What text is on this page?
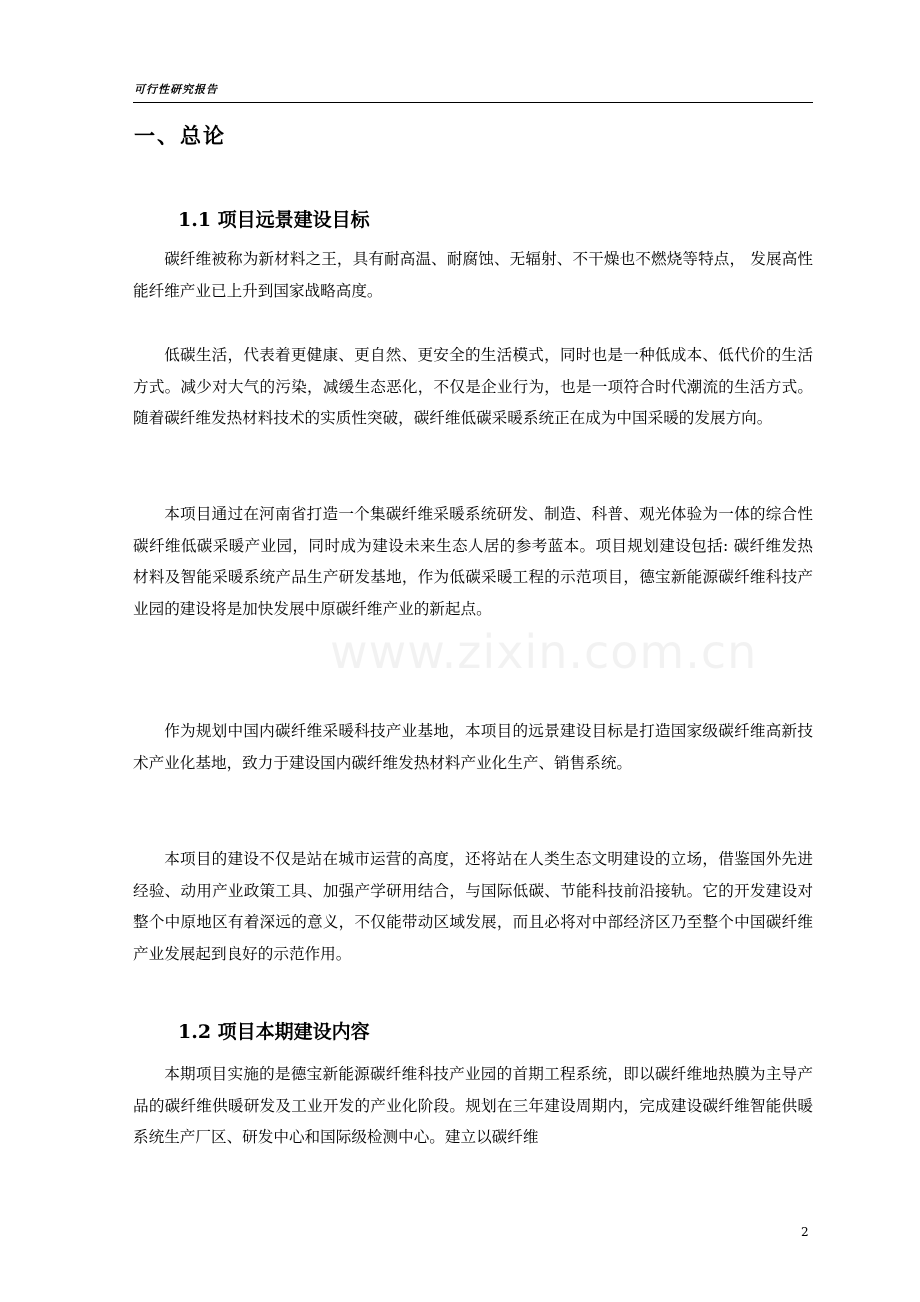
可行性研究报告
一、总论
1.1 项目远景建设目标

碳纤维被称为新材料之王，具有耐高温、耐腐蚀、无辐射、不干燥也不燃烧等特点， 发展高性能纤维产业已上升到国家战略高度。

低碳生活，代表着更健康、更自然、更安全的生活模式，同时也是一种低成本、低代价的生活方式。减少对大气的污染，减缓生态恶化，不仅是企业行为，也是一项符合时代潮流的生活方式。随着碳纤维发热材料技术的实质性突破，碳纤维低碳采暖系统正在成为中国采暖的发展方向。

本项目通过在河南省打造一个集碳纤维采暖系统研发、制造、科普、观光体验为一体的综合性碳纤维低碳采暖产业园，同时成为建设未来生态人居的参考蓝本。项目规划建设包括: 碳纤维发热材料及智能采暖系统产品生产研发基地，作为低碳采暖工程的示范项目，德宝新能源碳纤维科技产业园的建设将是加快发展中原碳纤维产业的新起点。

作为规划中国内碳纤维采暖科技产业基地，本项目的远景建设目标是打造国家级碳纤维高新技术产业化基地，致力于建设国内碳纤维发热材料产业化生产、销售系统。

本项目的建设不仅是站在城市运营的高度，还将站在人类生态文明建设的立场，借鉴国外先进经验、动用产业政策工具、加强产学研用结合，与国际低碳、节能科技前沿接轨。它的开发建设对整个中原地区有着深远的意义，不仅能带动区域发展，而且必将对中部经济区乃至整个中国碳纤维产业发展起到良好的示范作用。

1.2 项目本期建设内容

本期项目实施的是德宝新能源碳纤维科技产业园的首期工程系统，即以碳纤维地热膜为主导产品的碳纤维供暖研发及工业开发的产业化阶段。规划在三年建设周期内，完成建设碳纤维智能供暖系统生产厂区、研发中心和国际级检测中心。建立以碳纤维

www.zixin.com.cn
2
